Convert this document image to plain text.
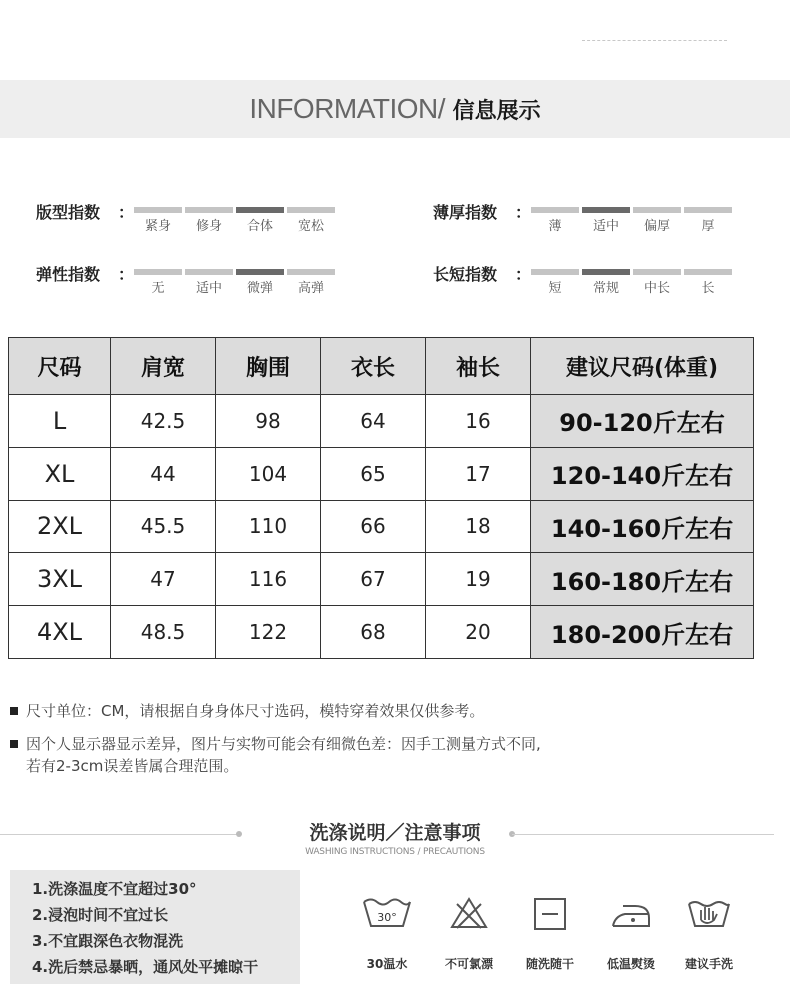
INFORMATION/ 信息展示
版型指数 ：
紧身	修身	合体	宽松
薄厚指数 ：
薄	适中	偏厚	厚
弹性指数 ：
无	适中	微弹	高弹
长短指数 ：
短	常规	中长	长
尺码	肩宽	胸围	衣长	袖长	建议尺码(体重)
L	42.5	98	64	16	90-120斤左右
XL	44	104	65	17	120-140斤左右
2XL	45.5	110	66	18	140-160斤左右
3XL	47	116	67	19	160-180斤左右
4XL	48.5	122	68	20	180-200斤左右
尺寸单位：CM，请根据自身身体尺寸选码，模特穿着效果仅供参考。
因个人显示器显示差异，图片与实物可能会有细微色差：因手工测量方式不同,
若有2-3cm误差皆属合理范围。
洗涤说明／注意事项
WASHING INSTRUCTIONS / PRECAUTIONS
1.洗涤温度不宜超过30°
2.浸泡时间不宜过长
3.不宜跟深色衣物混洗
4.洗后禁忌暴晒，通风处平摊晾干
30°
30温水	不可氯漂	随洗随干	低温熨烫	建议手洗
